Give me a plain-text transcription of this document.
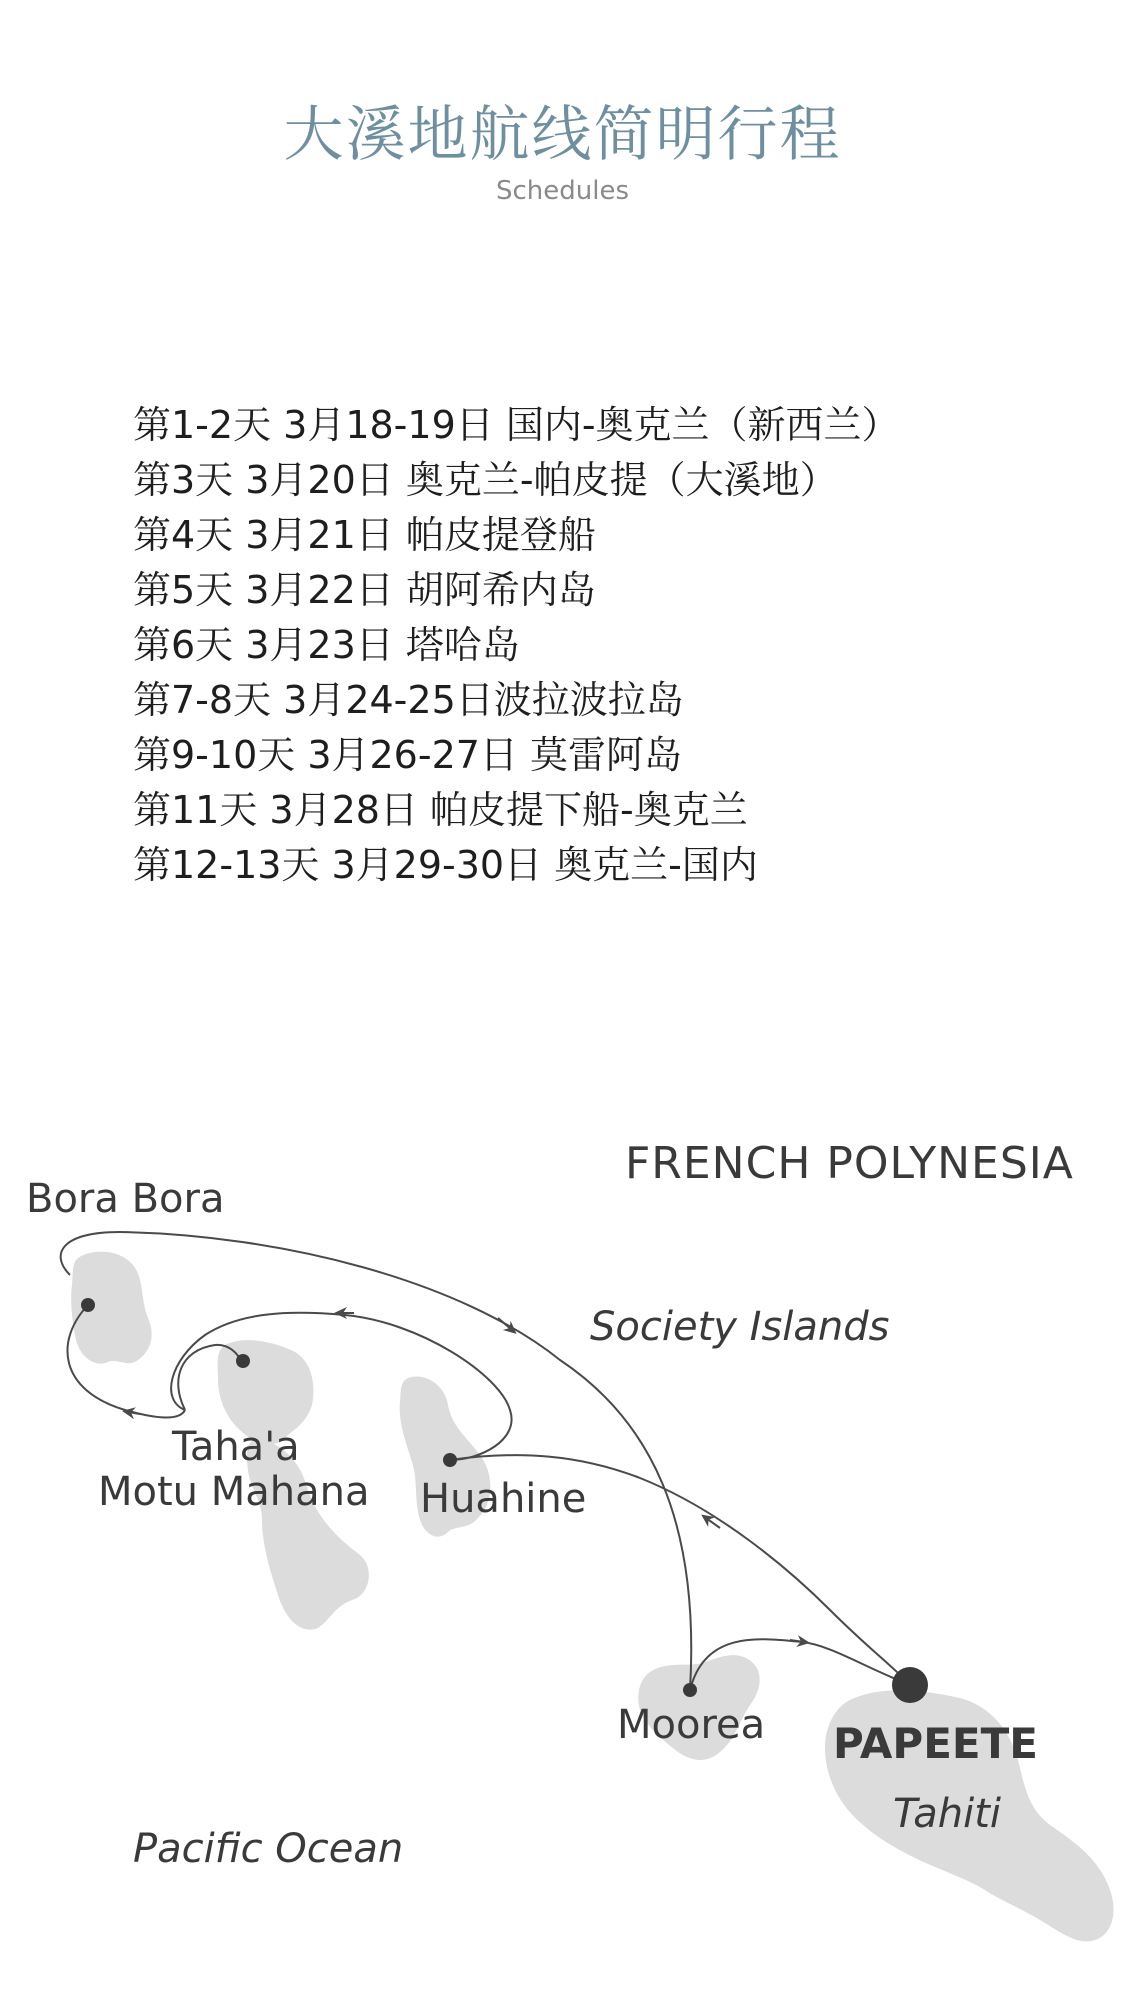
大溪地航线简明行程
Schedules
第1-2天 3月18-19日 国内-奥克兰（新西兰）
第3天 3月20日 奥克兰-帕皮提（大溪地）
第4天 3月21日 帕皮提登船
第5天 3月22日 胡阿希内岛
第6天 3月23日 塔哈岛
第7-8天 3月24-25日波拉波拉岛
第9-10天 3月26-27日 莫雷阿岛
第11天 3月28日 帕皮提下船-奥克兰
第12-13天 3月29-30日 奥克兰-国内
FRENCH POLYNESIA
Society Islands
Pacific Ocean
Bora Bora
Taha'a
Motu Mahana Huahine
Moorea PAPEETE
Tahiti
